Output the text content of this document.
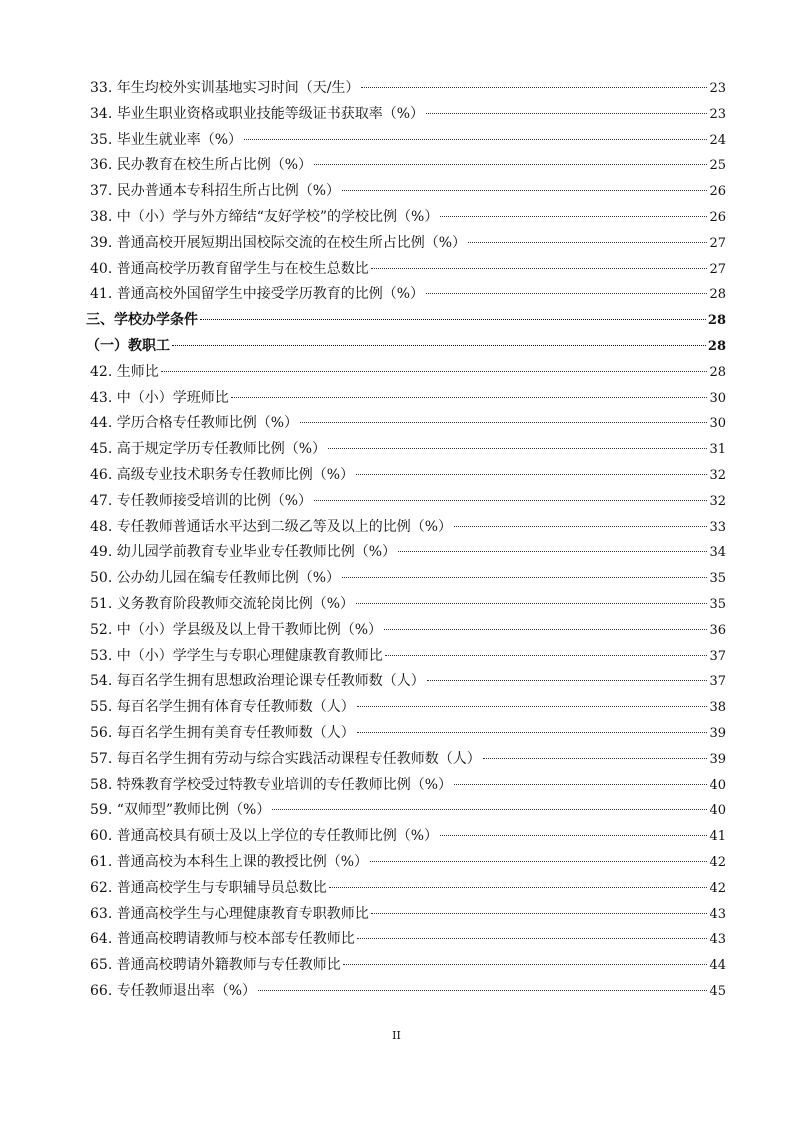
33. 年生均校外实训基地实习时间（天/生）	23
34. 毕业生职业资格或职业技能等级证书获取率（%）	23
35. 毕业生就业率（%）	24
36. 民办教育在校生所占比例（%）	25
37. 民办普通本专科招生所占比例（%）	26
38. 中（小）学与外方缔结“友好学校”的学校比例（%）	26
39. 普通高校开展短期出国校际交流的在校生所占比例（%）	27
40. 普通高校学历教育留学生与在校生总数比	27
41. 普通高校外国留学生中接受学历教育的比例（%）	28
三、学校办学条件	28
（一）教职工	28
42. 生师比	28
43. 中（小）学班师比	30
44. 学历合格专任教师比例（%）	30
45. 高于规定学历专任教师比例（%）	31
46. 高级专业技术职务专任教师比例（%）	32
47. 专任教师接受培训的比例（%）	32
48. 专任教师普通话水平达到二级乙等及以上的比例（%）	33
49. 幼儿园学前教育专业毕业专任教师比例（%）	34
50. 公办幼儿园在编专任教师比例（%）	35
51. 义务教育阶段教师交流轮岗比例（%）	35
52. 中（小）学县级及以上骨干教师比例（%）	36
53. 中（小）学学生与专职心理健康教育教师比	37
54. 每百名学生拥有思想政治理论课专任教师数（人）	37
55. 每百名学生拥有体育专任教师数（人）	38
56. 每百名学生拥有美育专任教师数（人）	39
57. 每百名学生拥有劳动与综合实践活动课程专任教师数（人）	39
58. 特殊教育学校受过特教专业培训的专任教师比例（%）	40
59. “双师型”教师比例（%）	40
60. 普通高校具有硕士及以上学位的专任教师比例（%）	41
61. 普通高校为本科生上课的教授比例（%）	42
62. 普通高校学生与专职辅导员总数比	42
63. 普通高校学生与心理健康教育专职教师比	43
64. 普通高校聘请教师与校本部专任教师比	43
65. 普通高校聘请外籍教师与专任教师比	44
66. 专任教师退出率（%）	45
II
